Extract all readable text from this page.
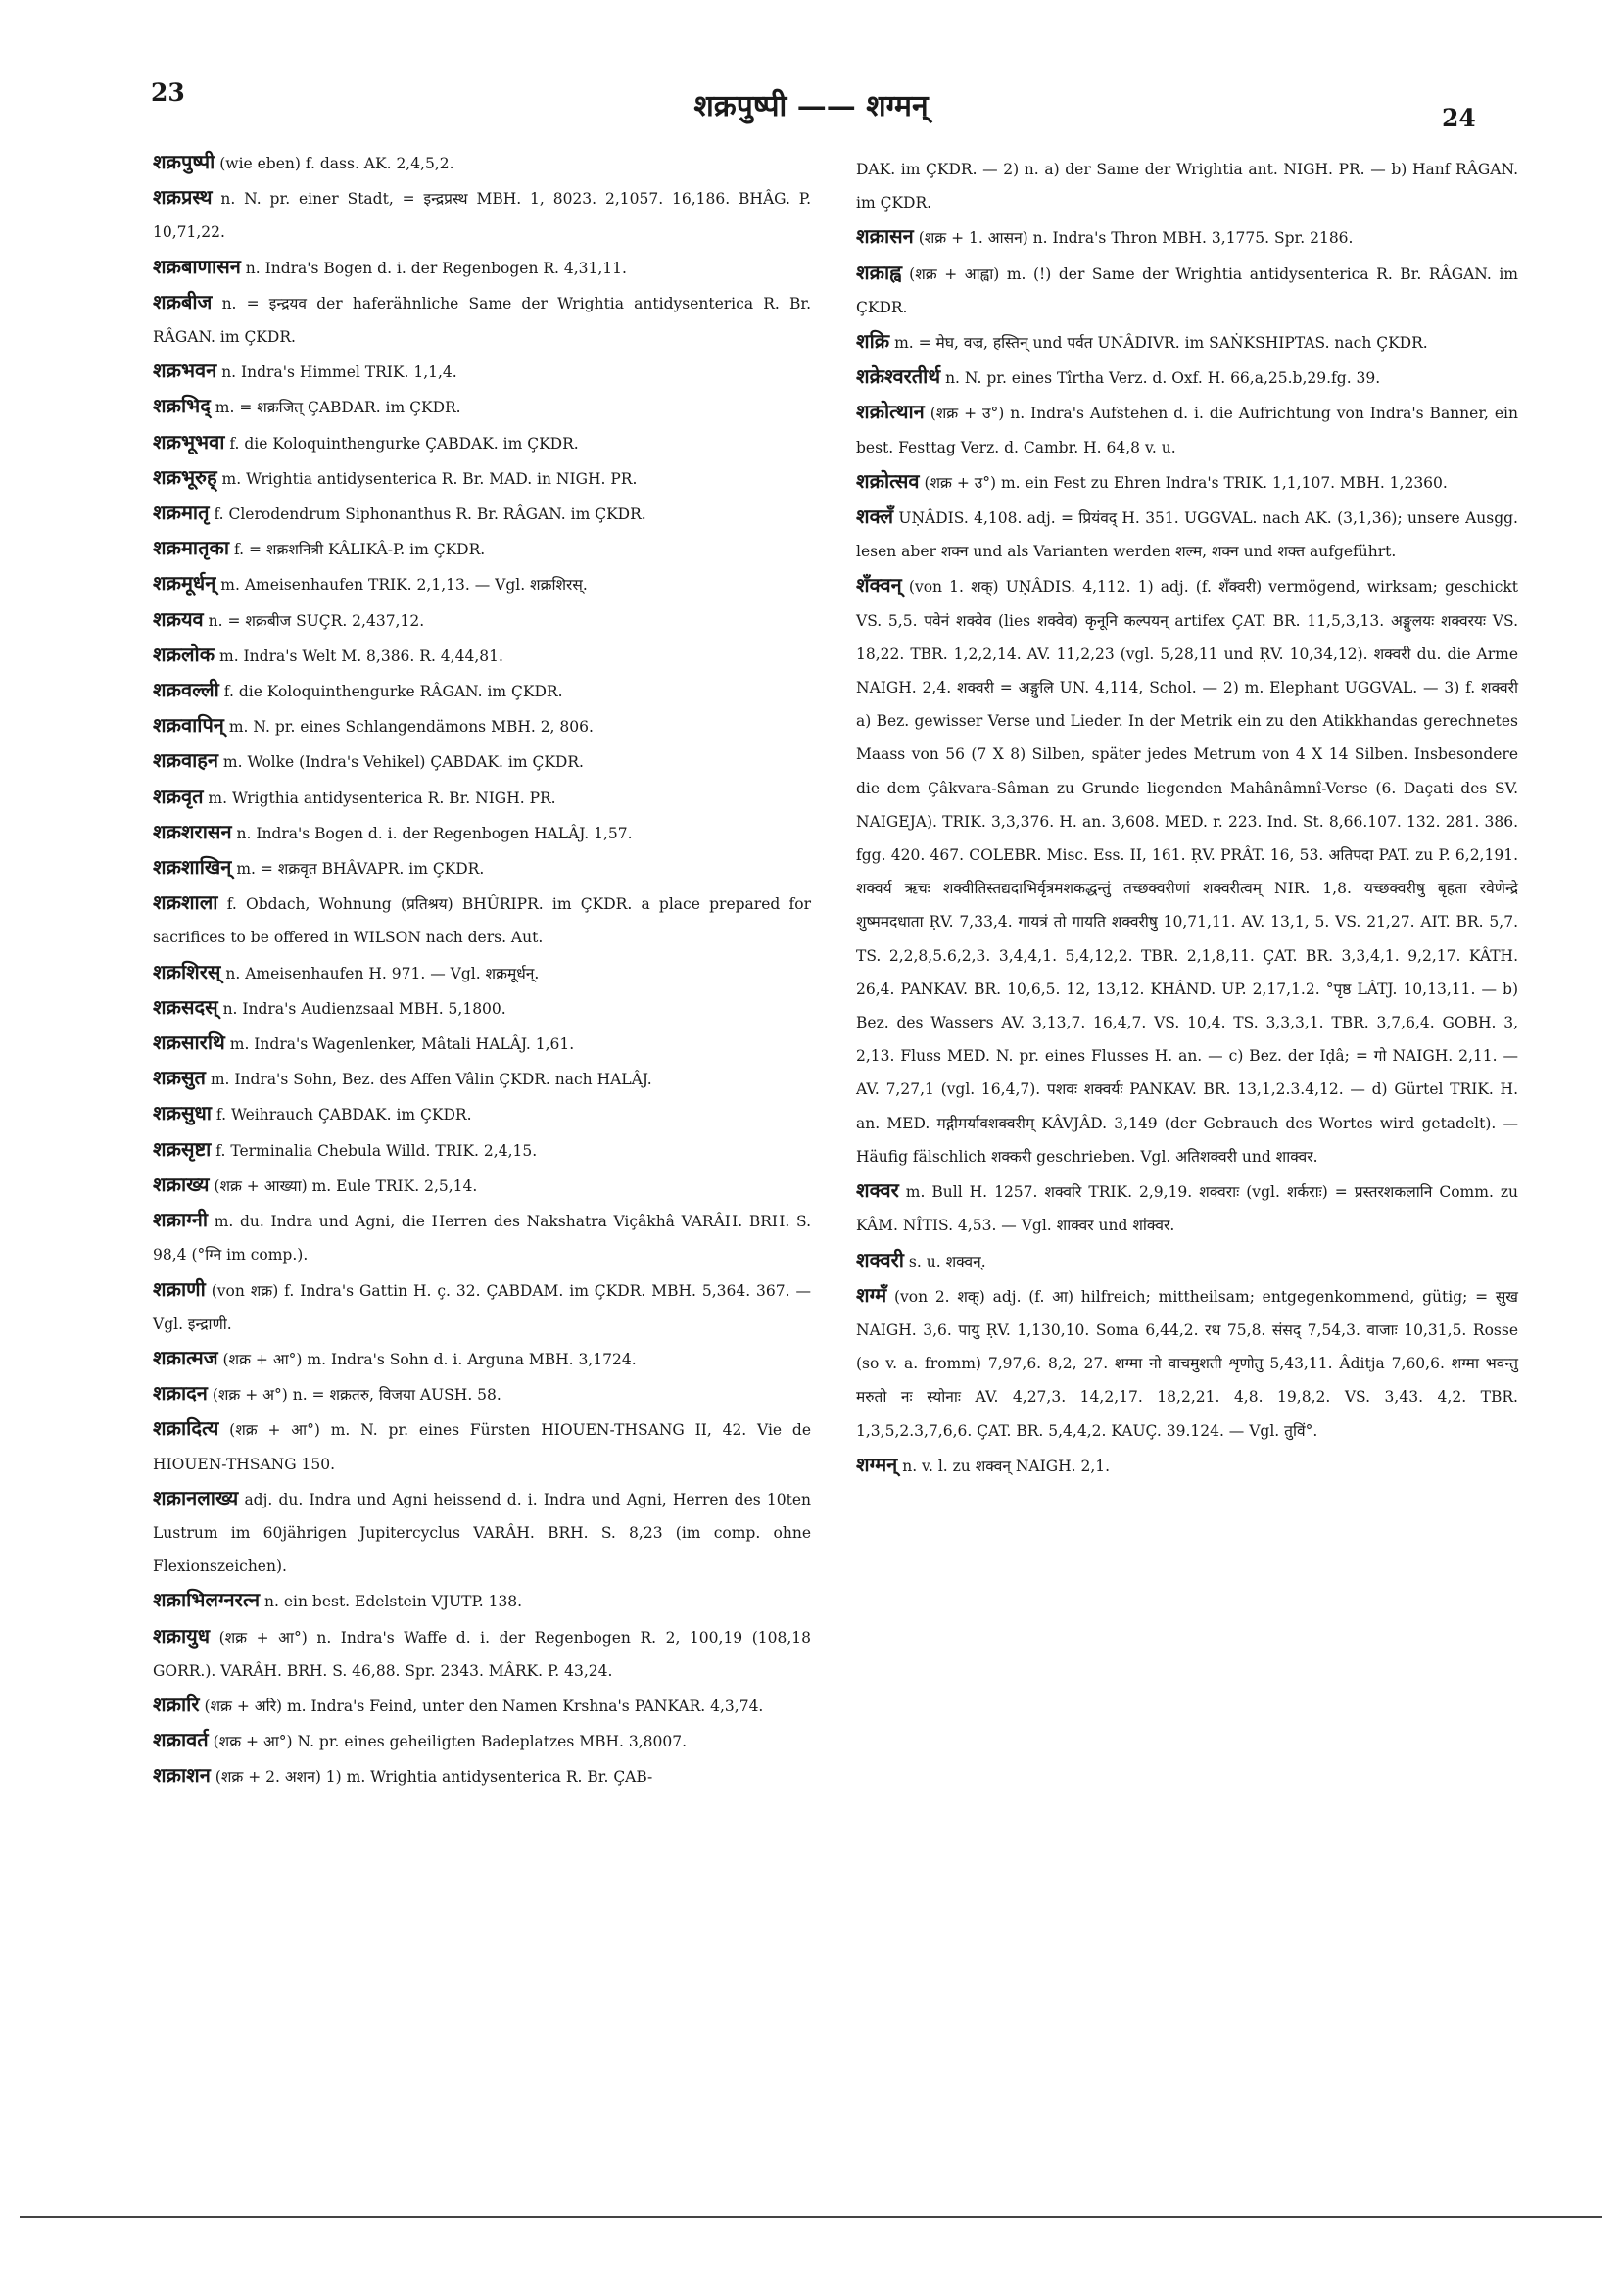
23	शक्रपुष्पी —— शग्मन्	24

शक्रपुष्पी (wie eben) f. dass. AK. 2,4,5,2.

शक्रप्रस्थ n. N. pr. einer Stadt, = इन्द्रप्रस्थ MBH. 1, 8023. 2,1057. 16,186. BHÂG. P. 10,71,22.

शक्रबाणासन n. Indra's Bogen d. i. der Regenbogen R. 4,31,11.

शक्रबीज n. = इन्द्रयव der haferähnliche Same der Wrightia antidysenterica R. Br. RÂGAN. im ÇKDR.

शक्रभवन n. Indra's Himmel TRIK. 1,1,4.

शक्रभिद् m. = शक्रजित् ÇABDAR. im ÇKDR.

शक्रभूभवा f. die Koloquinthengurke ÇABDAK. im ÇKDR.

शक्रभूरुह् m. Wrightia antidysenterica R. Br. MAD. in NIGH. PR.

शक्रमातृ f. Clerodendrum Siphonanthus R. Br. RÂGAN. im ÇKDR.

शक्रमातृका f. = शक्रशनित्री KÂLIKÂ-P. im ÇKDR.

शक्रमूर्धन् m. Ameisenhaufen TRIK. 2,1,13. — Vgl. शक्रशिरस्.

शक्रयव n. = शक्रबीज SUÇR. 2,437,12.

शक्रलोक m. Indra's Welt M. 8,386. R. 4,44,81.

शक्रवल्ली f. die Koloquinthengurke RÂGAN. im ÇKDR.

शक्रवापिन् m. N. pr. eines Schlangendämons MBH. 2, 806.

शक्रवाहन m. Wolke (Indra's Vehikel) ÇABDAK. im ÇKDR.

शक्रवृत m. Wrigthia antidysenterica R. Br. NIGH. PR.

शक्रशरासन n. Indra's Bogen d. i. der Regenbogen HALÂJ. 1,57.

शक्रशाखिन् m. = शक्रवृत BHÂVAPR. im ÇKDR.

शक्रशाला f. Obdach, Wohnung (प्रतिश्रय) BHÛRIPR. im ÇKDR. a place prepared for sacrifices to be offered in WILSON nach ders. Aut.

शक्रशिरस् n. Ameisenhaufen H. 971. — Vgl. शक्रमूर्धन्.

शक्रसदस् n. Indra's Audienzsaal MBH. 5,1800.

शक्रसारथि m. Indra's Wagenlenker, Mâtali HALÂJ. 1,61.

शक्रसुत m. Indra's Sohn, Bez. des Affen Vâlin ÇKDR. nach HALÂJ.

शक्रसुधा f. Weihrauch ÇABDAK. im ÇKDR.

शक्रसृष्टा f. Terminalia Chebula Willd. TRIK. 2,4,15.

शक्राख्य (शक्र + आख्या) m. Eule TRIK. 2,5,14.

शक्राग्नी m. du. Indra und Agni, die Herren des Nakshatra Viçâkhâ VARÂH. BRH. S. 98,4 (°ग्नि im comp.).

शक्राणी (von शक्र) f. Indra's Gattin H. ç. 32. ÇABDAM. im ÇKDR. MBH. 5,364. 367. — Vgl. इन्द्राणी.

शक्रात्मज (शक्र + आ°) m. Indra's Sohn d. i. Arguna MBH. 3,1724.

शक्रादन (शक्र + अ°) n. = शक्रतरु, विजया AUSH. 58.

शक्रादित्य (शक्र + आ°) m. N. pr. eines Fürsten HIOUEN-THSANG II, 42. Vie de HIOUEN-THSANG 150.

शक्रानलाख्य adj. du. Indra und Agni heissend d. i. Indra und Agni, Herren des 10ten Lustrum im 60jährigen Jupitercyclus VARÂH. BRH. S. 8,23 (im comp. ohne Flexionszeichen).

शक्राभिलग्नरत्न n. ein best. Edelstein VJUTP. 138.

शक्रायुध (शक्र + आ°) n. Indra's Waffe d. i. der Regenbogen R. 2, 100,19 (108,18 GORR.). VARÂH. BRH. S. 46,88. Spr. 2343. MÂRK. P. 43,24.

शक्रारि (शक्र + अरि) m. Indra's Feind, unter den Namen Krshna's PANKAR. 4,3,74.

शक्रावर्त (शक्र + आ°) N. pr. eines geheiligten Badeplatzes MBH. 3,8007.

शक्राशन (शक्र + 2. अशन) 1) m. Wrightia antidysenterica R. Br. ÇAB-

DAK. im ÇKDR. — 2) n. a) der Same der Wrightia ant. NIGH. PR. — b) Hanf RÂGAN. im ÇKDR.

शक्रासन (शक्र + 1. आसन) n. Indra's Thron MBH. 3,1775. Spr. 2186.

शक्राह्व (शक्र + आह्वा) m. (!) der Same der Wrightia antidysenterica R. Br. RÂGAN. im ÇKDR.

शक्रि m. = मेघ, वज्र, हस्तिन् und पर्वत UNÂDIVR. im SAṄKSHIPTAS. nach ÇKDR.

शक्रेश्वरतीर्थ n. N. pr. eines Tîrtha Verz. d. Oxf. H. 66,a,25.b,29.fg. 39.

शक्रोत्थान (शक्र + उ°) n. Indra's Aufstehen d. i. die Aufrichtung von Indra's Banner, ein best. Festtag Verz. d. Cambr. H. 64,8 v. u.

शक्रोत्सव (शक्र + उ°) m. ein Fest zu Ehren Indra's TRIK. 1,1,107. MBH. 1,2360.

शक्लँ UṆÂDIS. 4,108. adj. = प्रियंवद् H. 351. UGGVAL. nach AK. (3,1,36); unsere Ausgg. lesen aber शक्न und als Varianten werden शल्म, शक्न und शक्त aufgeführt.

शँक्वन् (von 1. शक्) UṆÂDIS. 4,112. 1) adj. (f. शँक्वरी) vermögend, wirksam; geschickt VS. 5,5. पवेनं शक्वेव (lies शक्वेव) कृनूनि कल्पयन् artifex ÇAT. BR. 11,5,3,13. अङ्गुलयः शक्वरयः VS. 18,22. TBR. 1,2,2,14. AV. 11,2,23 (vgl. 5,28,11 und ṚV. 10,34,12). शक्वरी du. die Arme NAIGH. 2,4. शक्वरी = अङ्गुलि UN. 4,114, Schol. — 2) m. Elephant UGGVAL. — 3) f. शक्वरी a) Bez. gewisser Verse und Lieder. In der Metrik ein zu den Atikkhandas gerechnetes Maass von 56 (7 X 8) Silben, später jedes Metrum von 4 X 14 Silben. Insbesondere die dem Çâkvara-Sâman zu Grunde liegenden Mahânâmnî-Verse (6. Daçati des SV. NAIGEJA). TRIK. 3,3,376. H. an. 3,608. MED. r. 223. Ind. St. 8,66.107. 132. 281. 386. fgg. 420. 467. COLEBR. Misc. Ess. II, 161. ṚV. PRÂT. 16, 53. अतिपदा PAT. zu P. 6,2,191. शक्वर्य ऋचः शक्वीतिस्तद्यदाभिर्वृत्रमशकद्धन्तुं तच्छक्वरीणां शक्वरीत्वम् NIR. 1,8. यच्छक्वरीषु बृहता रवेणेन्द्रे शुष्ममदधाता ṚV. 7,33,4. गायत्रं तो गायति शक्वरीषु 10,71,11. AV. 13,1, 5. VS. 21,27. AIT. BR. 5,7. TS. 2,2,8,5.6,2,3. 3,4,4,1. 5,4,12,2. TBR. 2,1,8,11. ÇAT. BR. 3,3,4,1. 9,2,17. KÂTH. 26,4. PANKAV. BR. 10,6,5. 12, 13,12. KHÂND. UP. 2,17,1.2. °पृष्ठ LÂTJ. 10,13,11. — b) Bez. des Wassers AV. 3,13,7. 16,4,7. VS. 10,4. TS. 3,3,3,1. TBR. 3,7,6,4. GOBH. 3, 2,13. Fluss MED. N. pr. eines Flusses H. an. — c) Bez. der Iḍâ; = गो NAIGH. 2,11. — AV. 7,27,1 (vgl. 16,4,7). पशवः शक्वर्यः PANKAV. BR. 13,1,2.3.4,12. — d) Gürtel TRIK. H. an. MED. मद्गीमर्यावशक्वरीम् KÂVJÂD. 3,149 (der Gebrauch des Wortes wird getadelt). — Häufig fälschlich शक्करी geschrieben. Vgl. अतिशक्वरी und शाक्वर.

शक्वर m. Bull H. 1257. शक्वरि TRIK. 2,9,19. शक्वराः (vgl. शर्कराः) = प्रस्तरशकलानि Comm. zu KÂM. NÎTIS. 4,53. — Vgl. शाक्वर und शांक्वर.

शक्वरी s. u. शक्वन्.

शग्मँ (von 2. शक्) adj. (f. आ) hilfreich; mittheilsam; entgegenkommend, gütig; = सुख NAIGH. 3,6. पायु ṚV. 1,130,10. Soma 6,44,2. रथ 75,8. संसद् 7,54,3. वाजाः 10,31,5. Rosse (so v. a. fromm) 7,97,6. 8,2, 27. शग्मा नो वाचमुशती शृणोतु 5,43,11. Âditja 7,60,6. शग्मा भवन्तु मरुतो नः स्योनाः AV. 4,27,3. 14,2,17. 18,2,21. 4,8. 19,8,2. VS. 3,43. 4,2. TBR. 1,3,5,2.3,7,6,6. ÇAT. BR. 5,4,4,2. KAUÇ. 39.124. — Vgl. तुविं°.

शग्मन् n. v. l. zu शक्वन् NAIGH. 2,1.
